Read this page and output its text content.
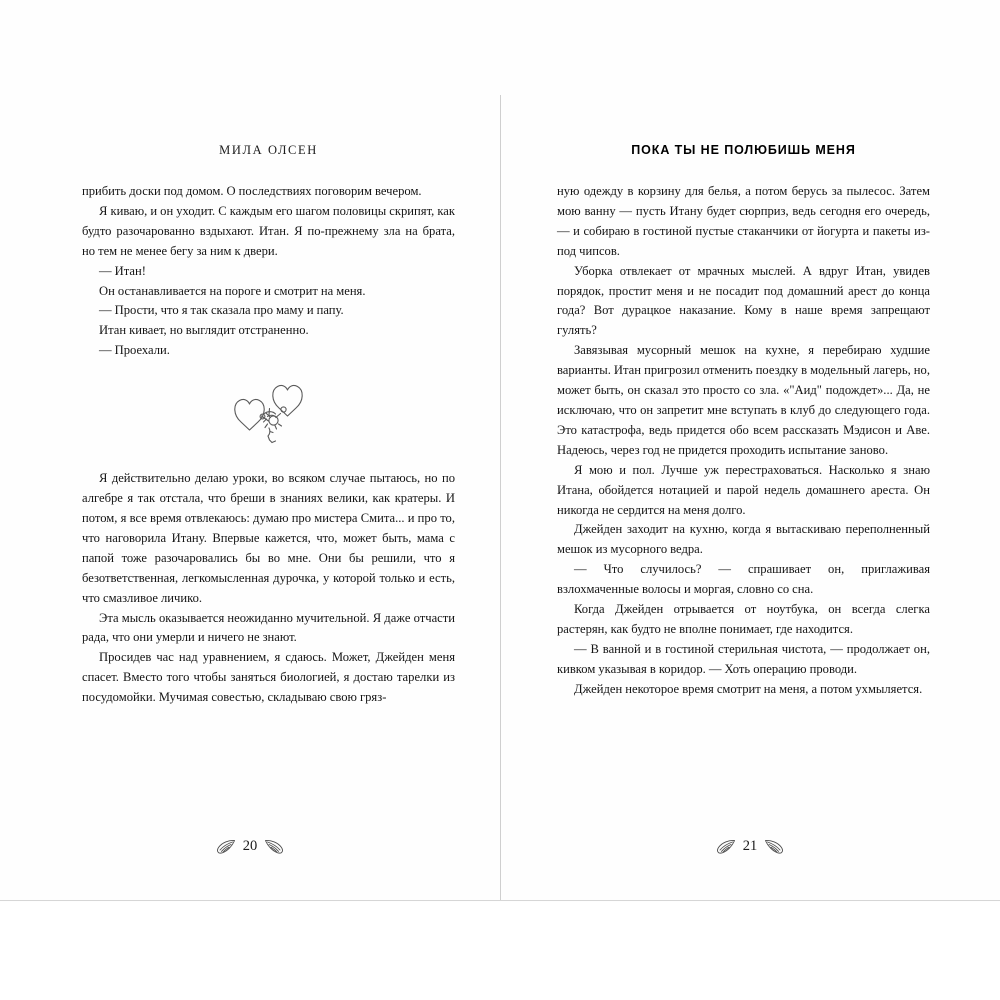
МИЛА ОЛСЕН

прибить доски под домом. О последствиях поговорим вечером.

Я киваю, и он уходит. С каждым его шагом половицы скрипят, как будто разочарованно вздыхают. Итан. Я по-прежнему зла на брата, но тем не менее бегу за ним к двери.

— Итан!

Он останавливается на пороге и смотрит на меня.

— Прости, что я так сказала про маму и папу.

Итан кивает, но выглядит отстраненно.

— Проехали.

Я действительно делаю уроки, во всяком случае пытаюсь, но по алгебре я так отстала, что бреши в знаниях велики, как кратеры. И потом, я все время отвлекаюсь: думаю про мистера Смита... и про то, что наговорила Итану. Впервые кажется, что, может быть, мама с папой тоже разочаровались бы во мне. Они бы решили, что я безответственная, легкомысленная дурочка, у которой только и есть, что смазливое личико.

Эта мысль оказывается неожиданно мучительной. Я даже отчасти рада, что они умерли и ничего не знают.

Просидев час над уравнением, я сдаюсь. Может, Джейден меня спасет. Вместо того чтобы заняться биологией, я достаю тарелки из посудомойки. Мучимая совестью, складываю свою гряз-

20
ПОКА ТЫ НЕ ПОЛЮБИШЬ МЕНЯ

ную одежду в корзину для белья, а потом берусь за пылесос. Затем мою ванну — пусть Итану будет сюрприз, ведь сегодня его очередь, — и собираю в гостиной пустые стаканчики от йогурта и пакеты из-под чипсов.

Уборка отвлекает от мрачных мыслей. А вдруг Итан, увидев порядок, простит меня и не посадит под домашний арест до конца года? Вот дурацкое наказание. Кому в наше время запрещают гулять?

Завязывая мусорный мешок на кухне, я перебираю худшие варианты. Итан пригрозил отменить поездку в модельный лагерь, но, может быть, он сказал это просто со зла. «"Аид" подождет»... Да, не исключаю, что он запретит мне вступать в клуб до следующего года. Это катастрофа, ведь придется обо всем рассказать Мэдисон и Аве. Надеюсь, через год не придется проходить испытание заново.

Я мою и пол. Лучше уж перестраховаться. Насколько я знаю Итана, обойдется нотацией и парой недель домашнего ареста. Он никогда не сердится на меня долго.

Джейден заходит на кухню, когда я вытаскиваю переполненный мешок из мусорного ведра.

— Что случилось? — спрашивает он, приглаживая взлохмаченные волосы и моргая, словно со сна.

Когда Джейден отрывается от ноутбука, он всегда слегка растерян, как будто не вполне понимает, где находится.

— В ванной и в гостиной стерильная чистота, — продолжает он, кивком указывая в коридор. — Хоть операцию проводи.

Джейден некоторое время смотрит на меня, а потом ухмыляется.

21
